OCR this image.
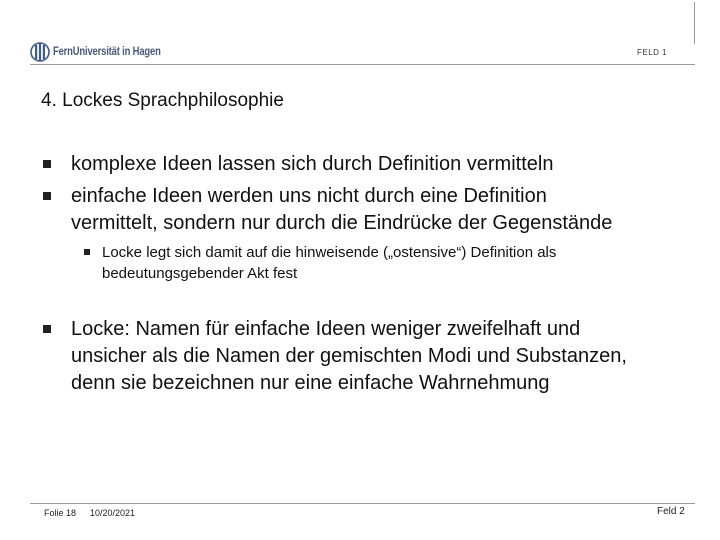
FernUniversität in Hagen	FELD 1
4. Lockes Sprachphilosophie
komplexe Ideen lassen sich durch Definition vermitteln
einfache Ideen werden uns nicht durch eine Definition
vermittelt, sondern nur durch die Eindrücke der Gegenstände
Locke legt sich damit auf die hinweisende („ostensive“) Definition als
bedeutungsgebender Akt fest
Locke: Namen für einfache Ideen weniger zweifelhaft und
unsicher als die Namen der gemischten Modi und Substanzen,
denn sie bezeichnen nur eine einfache Wahrnehmung
Folie 18 10/20/2021	Feld 2
